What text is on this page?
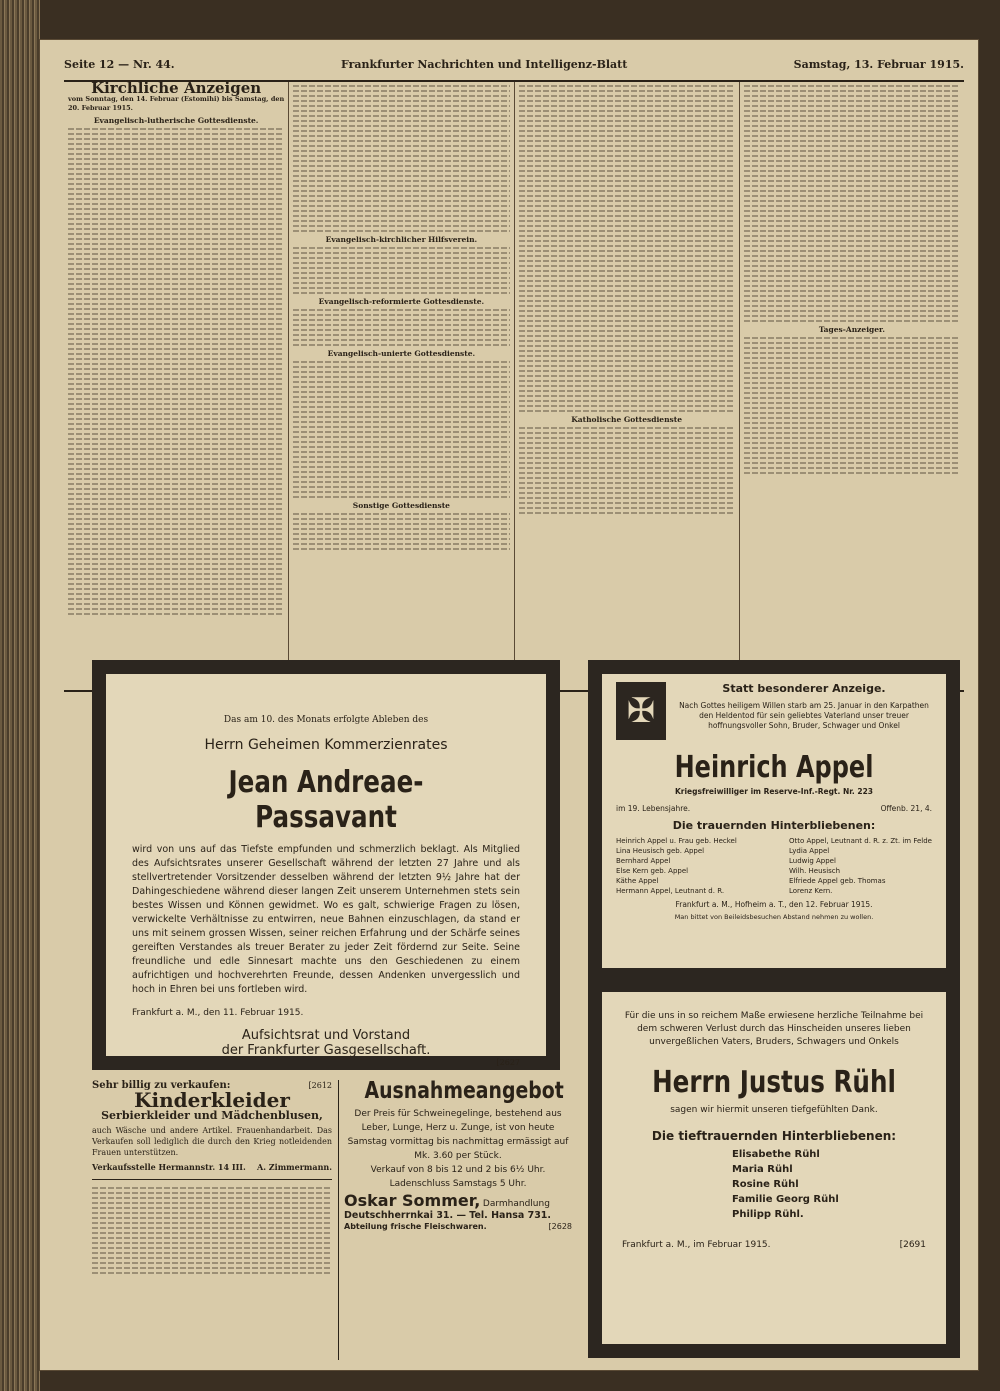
Seite 12 — Nr. 44.	Frankfurter Nachrichten und Intelligenz-Blatt	Samstag, 13. Februar 1915.
Kirchliche Anzeigen

vom Sonntag, den 14. Februar (Estomihi) bis Samstag, den 20. Februar 1915.

Evangelisch-lutherische Gottesdienste.
Evangelisch-kirchlicher Hilfsverein.
Evangelisch-reformierte Gottesdienste.
Evangelisch-unierte Gottesdienste.
Sonstige Gottesdienste
Katholische Gottesdienste
Tages-Anzeiger.
Das am 10. des Monats erfolgte Ableben des
Herrn Geheimen Kommerzienrates
Jean Andreae-Passavant
wird von uns auf das Tiefste empfunden und schmerzlich beklagt. Als Mitglied des Aufsichtsrates unserer Gesellschaft während der letzten 27 Jahre und als stellvertretender Vorsitzender desselben während der letzten 9½ Jahre hat der Dahingeschiedene während dieser langen Zeit unserem Unternehmen stets sein bestes Wissen und Können gewidmet. Wo es galt, schwierige Fragen zu lösen, verwickelte Verhältnisse zu entwirren, neue Bahnen einzuschlagen, da stand er uns mit seinem grossen Wissen, seiner reichen Erfahrung und der Schärfe seines gereiften Verstandes als treuer Berater zu jeder Zeit fördernd zur Seite. Seine freundliche und edle Sinnesart machte uns den Geschiedenen zu einem aufrichtigen und hochverehrten Freunde, dessen Andenken unvergesslich und hoch in Ehren bei uns fortleben wird.
Frankfurt a. M., den 11. Februar 1915.
Aufsichtsrat und Vorstand
der Frankfurter Gasgesellschaft.
[2627
✠
Statt besonderer Anzeige.
Nach Gottes heiligem Willen starb am 25. Januar in den Karpathen den Heldentod für sein geliebtes Vaterland unser treuer hoffnungsvoller Sohn, Bruder, Schwager und Onkel
Heinrich Appel
Kriegsfreiwilliger im Reserve-Inf.-Regt. Nr. 223
im 19. Lebensjahre.	Offenb. 21, 4.
Die trauernden Hinterbliebenen:
Heinrich Appel u. Frau geb. Heckel
Lina Heusisch geb. Appel
Bernhard Appel
Else Kern geb. Appel
Käthe Appel
Hermann Appel, Leutnant d. R.
Otto Appel, Leutnant d. R. z. Zt. im Felde
Lydia Appel
Ludwig Appel
Wilh. Heusisch
Elfriede Appel geb. Thomas
Lorenz Kern.
Frankfurt a. M., Hofheim a. T., den 12. Februar 1915.
Man bittet von Beileidsbesuchen Abstand nehmen zu wollen.
Für die uns in so reichem Maße erwiesene herzliche Teilnahme bei dem schweren Verlust durch das Hinscheiden unseres lieben unvergeßlichen Vaters, Bruders, Schwagers und Onkels
Herrn Justus Rühl
sagen wir hiermit unseren tiefgefühlten Dank.
Die tieftrauernden Hinterbliebenen:
Elisabethe Rühl
Maria Rühl
Rosine Rühl
Familie Georg Rühl
Philipp Rühl.
Frankfurt a. M., im Februar 1915.	[2691
Sehr billig zu verkaufen:	[2612
Kinderkleider
Serbierkleider und Mädchenblusen,
auch Wäsche und andere Artikel. Frauenhandarbeit. Das Verkaufen soll lediglich die durch den Krieg notleidenden Frauen unterstützen.
Verkaufsstelle Hermannstr. 14 III. A. Zimmermann.
Ausnahmeangebot
Der Preis für Schweinegelinge, bestehend aus Leber, Lunge, Herz u. Zunge, ist von heute Samstag vormittag bis nachmittag ermässigt auf Mk. 3.60 per Stück.
Verkauf von 8 bis 12 und 2 bis 6½ Uhr.
Ladenschluss Samstags 5 Uhr.
Oskar Sommer, Darmhandlung
Deutschherrnkai 31. — Tel. Hansa 731.
Abteilung frische Fleischwaren.	[2628
